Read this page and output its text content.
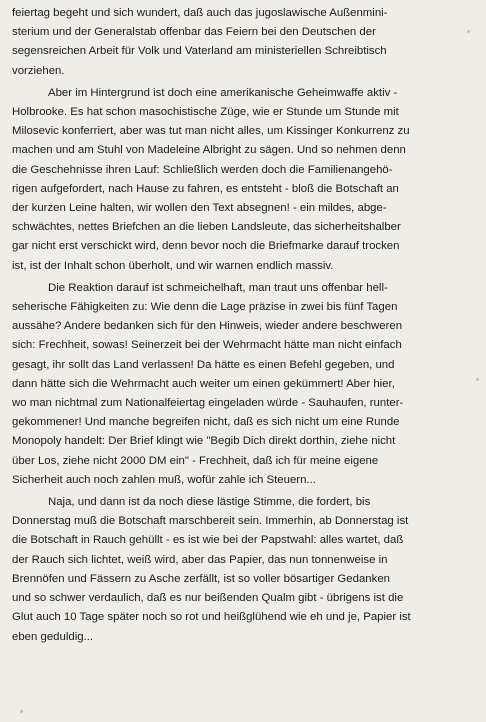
feiertag begeht und sich wundert, daß auch das jugoslawische Außenmini-
sterium und der Generalstab offenbar das Feiern bei den Deutschen der
segensreichen Arbeit für Volk und Vaterland am ministeriellen Schreibtisch
vorziehen.
Aber im Hintergrund ist doch eine amerikanische Geheimwaffe aktiv -
Holbrooke. Es hat schon masochistische Züge, wie er Stunde um Stunde mit
Milosevic konferriert, aber was tut man nicht alles, um Kissinger Konkurrenz zu
machen und am Stuhl von Madeleine Albright zu sägen. Und so nehmen denn
die Geschehnisse ihren Lauf: Schließlich werden doch die Familienangehö-
rigen aufgefordert, nach Hause zu fahren, es entsteht - bloß die Botschaft an
der kurzen Leine halten, wir wollen den Text absegnen! - ein mildes, abge-
schwächtes, nettes Briefchen an die lieben Landsleute, das sicherheitshalber
gar nicht erst verschickt wird, denn bevor noch die Briefmarke darauf trocken
ist, ist der Inhalt schon überholt, und wir warnen endlich massiv.
Die Reaktion darauf ist schmeichelhaft, man traut uns offenbar hell-
seherische Fähigkeiten zu: Wie denn die Lage präzise in zwei bis fünf Tagen
aussähe? Andere bedanken sich für den Hinweis, wieder andere beschweren
sich: Frechheit, sowas! Seinerzeit bei der Wehrmacht hätte man nicht einfach
gesagt, ihr sollt das Land verlassen! Da hätte es einen Befehl gegeben, und
dann hätte sich die Wehrmacht auch weiter um einen gekümmert! Aber hier,
wo man nichtmal zum Nationalfeiertag eingeladen würde - Sauhaufen, runter-
gekommener! Und manche begreifen nicht, daß es sich nicht um eine Runde
Monopoly handelt: Der Brief klingt wie "Begib Dich direkt dorthin, ziehe nicht
über Los, ziehe nicht 2000 DM ein" - Frechheit, daß ich für meine eigene
Sicherheit auch noch zahlen muß, wofür zahle ich Steuern...
Naja, und dann ist da noch diese lästige Stimme, die fordert, bis
Donnerstag muß die Botschaft marschbereit sein. Immerhin, ab Donnerstag ist
die Botschaft in Rauch gehüllt - es ist wie bei der Papstwahl: alles wartet, daß
der Rauch sich lichtet, weiß wird, aber das Papier, das nun tonnenweise in
Brennöfen und Fässern zu Asche zerfällt, ist so voller bösartiger Gedanken
und so schwer verdaulich, daß es nur beißenden Qualm gibt - übrigens ist die
Glut auch 10 Tage später noch so rot und heißglühend wie eh und je, Papier ist
eben geduldig...
